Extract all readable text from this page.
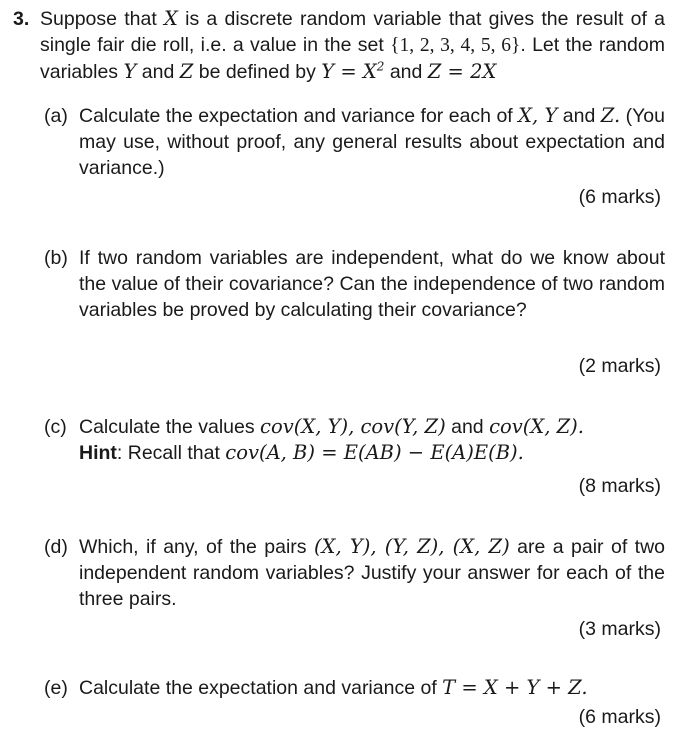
3. Suppose that X is a discrete random variable that gives the result of a single fair die roll, i.e. a value in the set {1, 2, 3, 4, 5, 6}. Let the random variables Y and Z be defined by $Y = X^2$ and Z = 2X
(a) Calculate the expectation and variance for each of X, Y and Z. (You may use, without proof, any general results about expectation and variance.)
(6 marks)
(b) If two random variables are independent, what do we know about the value of their covariance? Can the independence of two random variables be proved by calculating their covariance?
(2 marks)
(c) Calculate the values cov(X, Y), cov(Y, Z) and cov(X, Z).
Hint: Recall that cov(A, B) = E(AB) − E(A)E(B).
(8 marks)
(d) Which, if any, of the pairs (X, Y), (Y, Z), (X, Z) are a pair of two independent random variables? Justify your answer for each of the three pairs.
(3 marks)
(e) Calculate the expectation and variance of T = X + Y + Z.
(6 marks)
